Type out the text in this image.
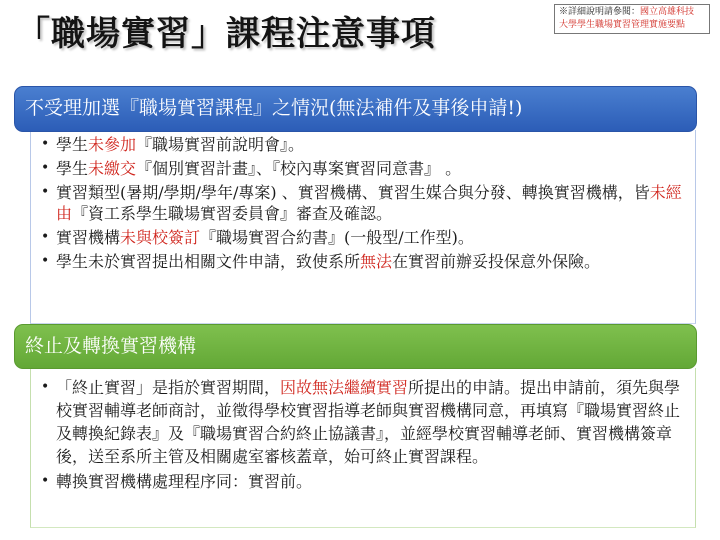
※詳細說明請參閱：國立高雄科技
大學學生職場實習管理實施要點
「職場實習」課程注意事項
不受理加選『職場實習課程』之情況(無法補件及事後申請!)
• 學生未參加『職場實習前說明會』。
• 學生未繳交『個別實習計畫』、『校內專案實習同意書』 。
• 實習類型(暑期/學期/學年/專案) 、實習機構、實習生媒合與分發、轉換實習機構，皆未經由『資工系學生職場實習委員會』審查及確認。
• 實習機構未與校簽訂『職場實習合約書』(一般型/工作型)。
• 學生未於實習提出相關文件申請，致使系所無法在實習前辦妥投保意外保險。
終止及轉換實習機構
• 「終止實習」是指於實習期間，因故無法繼續實習所提出的申請。提出申請前，須先與學校實習輔導老師商討，並徵得學校實習指導老師與實習機構同意，再填寫『職場實習終止及轉換紀錄表』及『職場實習合約終止協議書』，並經學校實習輔導老師、實習機構簽章後，送至系所主管及相關處室審核蓋章，始可終止實習課程。
• 轉換實習機構處理程序同：實習前。
